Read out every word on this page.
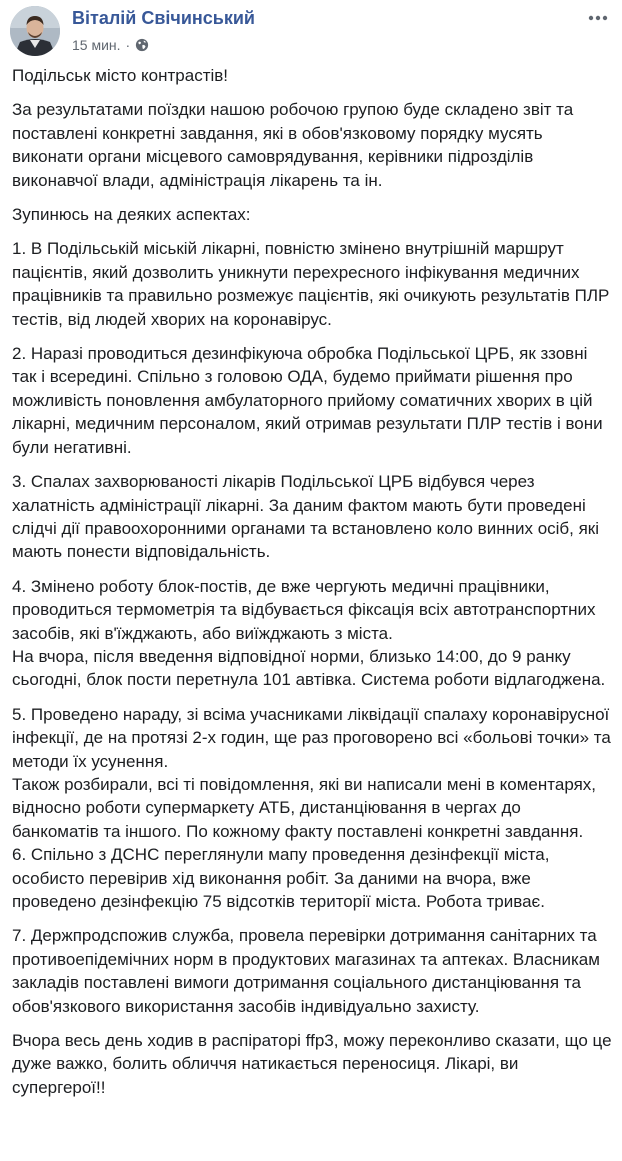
Віталій Свічинський
15 мин. ·

Подільськ місто контрастів!

За результатами поїздки нашою робочою групою буде складено звіт та поставлені конкретні завдання, які в обов'язковому порядку мусять виконати органи місцевого самоврядування, керівники підрозділів виконавчої влади, адміністрація лікарень та ін.

Зупинюсь на деяких аспектах:

1. В Подільській міській лікарні, повністю змінено внутрішній маршрут пацієнтів, який дозволить уникнути перехресного інфікування медичних працівників та правильно розмежує пацієнтів, які очикують результатів ПЛР тестів, від людей хворих на коронавірус.

2. Наразі проводиться дезинфікуюча обробка Подільської ЦРБ, як ззовні так і всередині. Спільно з головою ОДА, будемо приймати рішення про можливість поновлення амбулаторного прийому соматичних хворих в цій лікарні, медичним персоналом, який отримав результати ПЛР тестів і вони були негативні.

3. Спалах захворюваності лікарів Подільської ЦРБ відбувся через халатність адміністрації лікарні. За даним фактом мають бути проведені слідчі дії правоохоронними органами та встановлено коло винних осіб, які мають понести відповідальність.

4. Змінено роботу блок-постів, де вже чергують медичні працівники, проводиться термометрія та відбувається фіксація всіх автотранспортних засобів, які в'їжджають, або виїжджають з міста.
На вчора, після введення відповідної норми, близько 14:00, до 9 ранку сьогодні, блок пости перетнула 101 автівка. Система роботи відлагоджена.

5. Проведено нараду, зі всіма учасниками ліквідації спалаху коронавірусної інфекції, де на протязі 2-х годин, ще раз проговорено всі «больові точки» та методи їх усунення.
Також розбирали, всі ті повідомлення, які ви написали мені в коментарях, відносно роботи супермаркету АТБ, дистанціювання в чергах до банкоматів та іншого. По кожному факту поставлені конкретні завдання.
6. Спільно з ДСНС переглянули мапу проведення дезінфекції міста, особисто перевірив хід виконання робіт. За даними на вчора, вже проведено дезінфекцію 75 відсотків території міста. Робота триває.

7. Держпродспожив служба, провела перевірки дотримання санітарних та противоепідемічних норм в продуктових магазинах та аптеках. Власникам закладів поставлені вимоги дотримання соціального дистанціювання та обов'язкового використання засобів індивідуально захисту.

Вчора весь день ходив в распіраторі ffp3, можу переконливо сказати, що це дуже важко, болить обличчя натикається переносиця. Лікарі, ви супергерої!!
